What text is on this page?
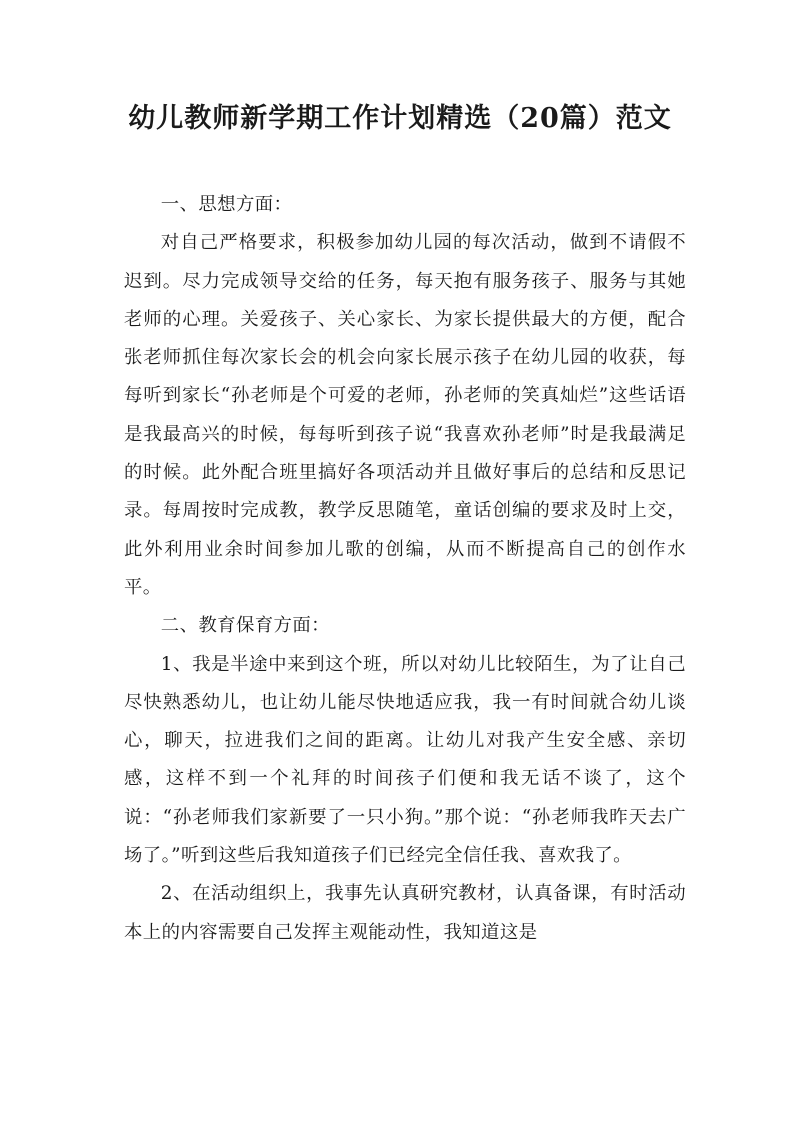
幼儿教师新学期工作计划精选（20篇）范文

一、思想方面：

对自己严格要求，积极参加幼儿园的每次活动，做到不请假不迟到。尽力完成领导交给的任务，每天抱有服务孩子、服务与其她老师的心理。关爱孩子、关心家长、为家长提供最大的方便，配合张老师抓住每次家长会的机会向家长展示孩子在幼儿园的收获，每每听到家长“孙老师是个可爱的老师，孙老师的笑真灿烂”这些话语是我最高兴的时候，每每听到孩子说“我喜欢孙老师”时是我最满足的时候。此外配合班里搞好各项活动并且做好事后的总结和反思记录。每周按时完成教，教学反思随笔，童话创编的要求及时上交，此外利用业余时间参加儿歌的创编，从而不断提高自己的创作水平。

二、教育保育方面：

1、我是半途中来到这个班，所以对幼儿比较陌生，为了让自己尽快熟悉幼儿，也让幼儿能尽快地适应我，我一有时间就合幼儿谈心，聊天，拉进我们之间的距离。让幼儿对我产生安全感、亲切感，这样不到一个礼拜的时间孩子们便和我无话不谈了，这个说：“孙老师我们家新要了一只小狗。”那个说：“孙老师我昨天去广场了。”听到这些后我知道孩子们已经完全信任我、喜欢我了。

2、在活动组织上，我事先认真研究教材，认真备课，有时活动本上的内容需要自己发挥主观能动性，我知道这是
